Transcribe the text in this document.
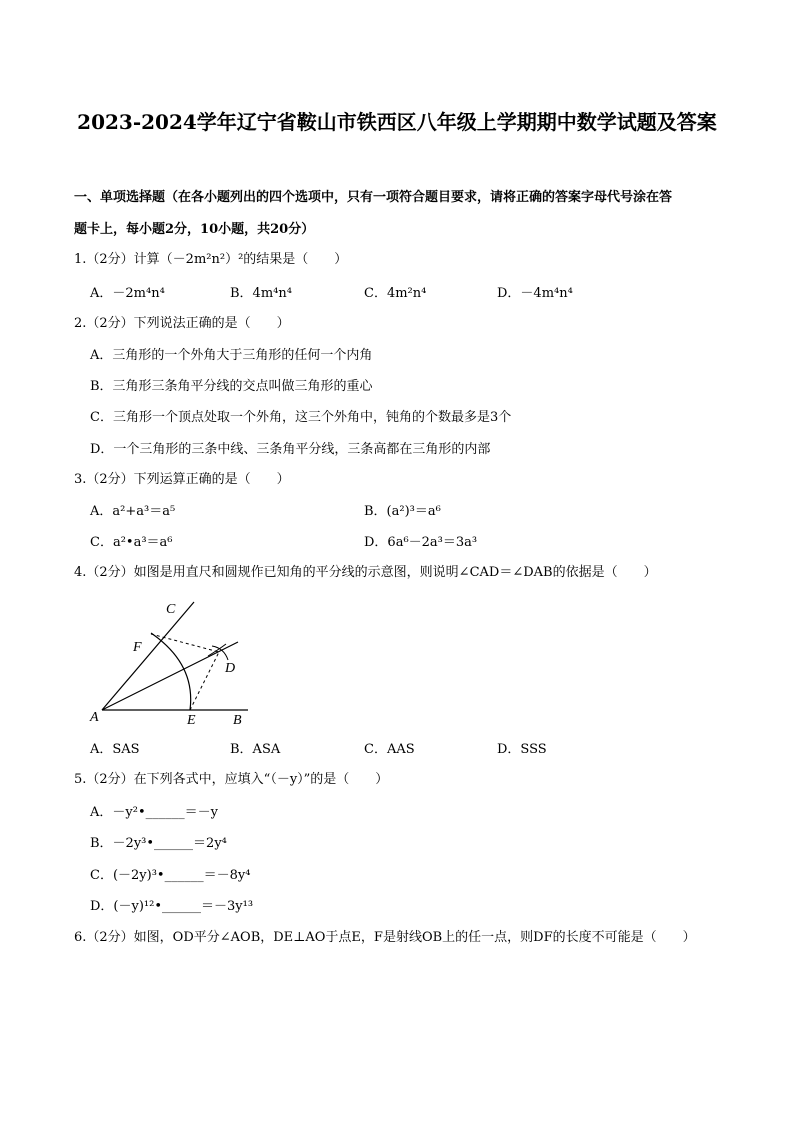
2023-2024学年辽宁省鞍山市铁西区八年级上学期期中数学试题及答案
一、单项选择题（在各小题列出的四个选项中，只有一项符合题目要求，请将正确的答案字母代号涂在答
题卡上，每小题2分，10小题，共20分）
1.（2分）计算（－2m²n²）²的结果是（　　）
A．－2m⁴n⁴	B．4m⁴n⁴	C．4m²n⁴	D．－4m⁴n⁴
2.（2分）下列说法正确的是（　　）
A．三角形的一个外角大于三角形的任何一个内角
B．三角形三条角平分线的交点叫做三角形的重心
C．三角形一个顶点处取一个外角，这三个外角中，钝角的个数最多是3个
D．一个三角形的三条中线、三条角平分线，三条高都在三角形的内部
3.（2分）下列运算正确的是（　　）
A．a²+a³＝a⁵	B．(a²)³＝a⁶
C．a²•a³＝a⁶	D．6a⁶－2a³＝3a³
4.（2分）如图是用直尺和圆规作已知角的平分线的示意图，则说明∠CAD＝∠DAB的依据是（　　）
C
F
D
A	E	B
A．SAS	B．ASA	C．AAS	D．SSS
5.（2分）在下列各式中，应填入“（－y）”的是（　　）
A．－y²•______＝－y
B．－2y³•______＝2y⁴
C．(－2y)³•______＝－8y⁴
D．(－y)¹²•______＝－3y¹³
6.（2分）如图，OD平分∠AOB，DE⊥AO于点E，F是射线OB上的任一点，则DF的长度不可能是（　　）
